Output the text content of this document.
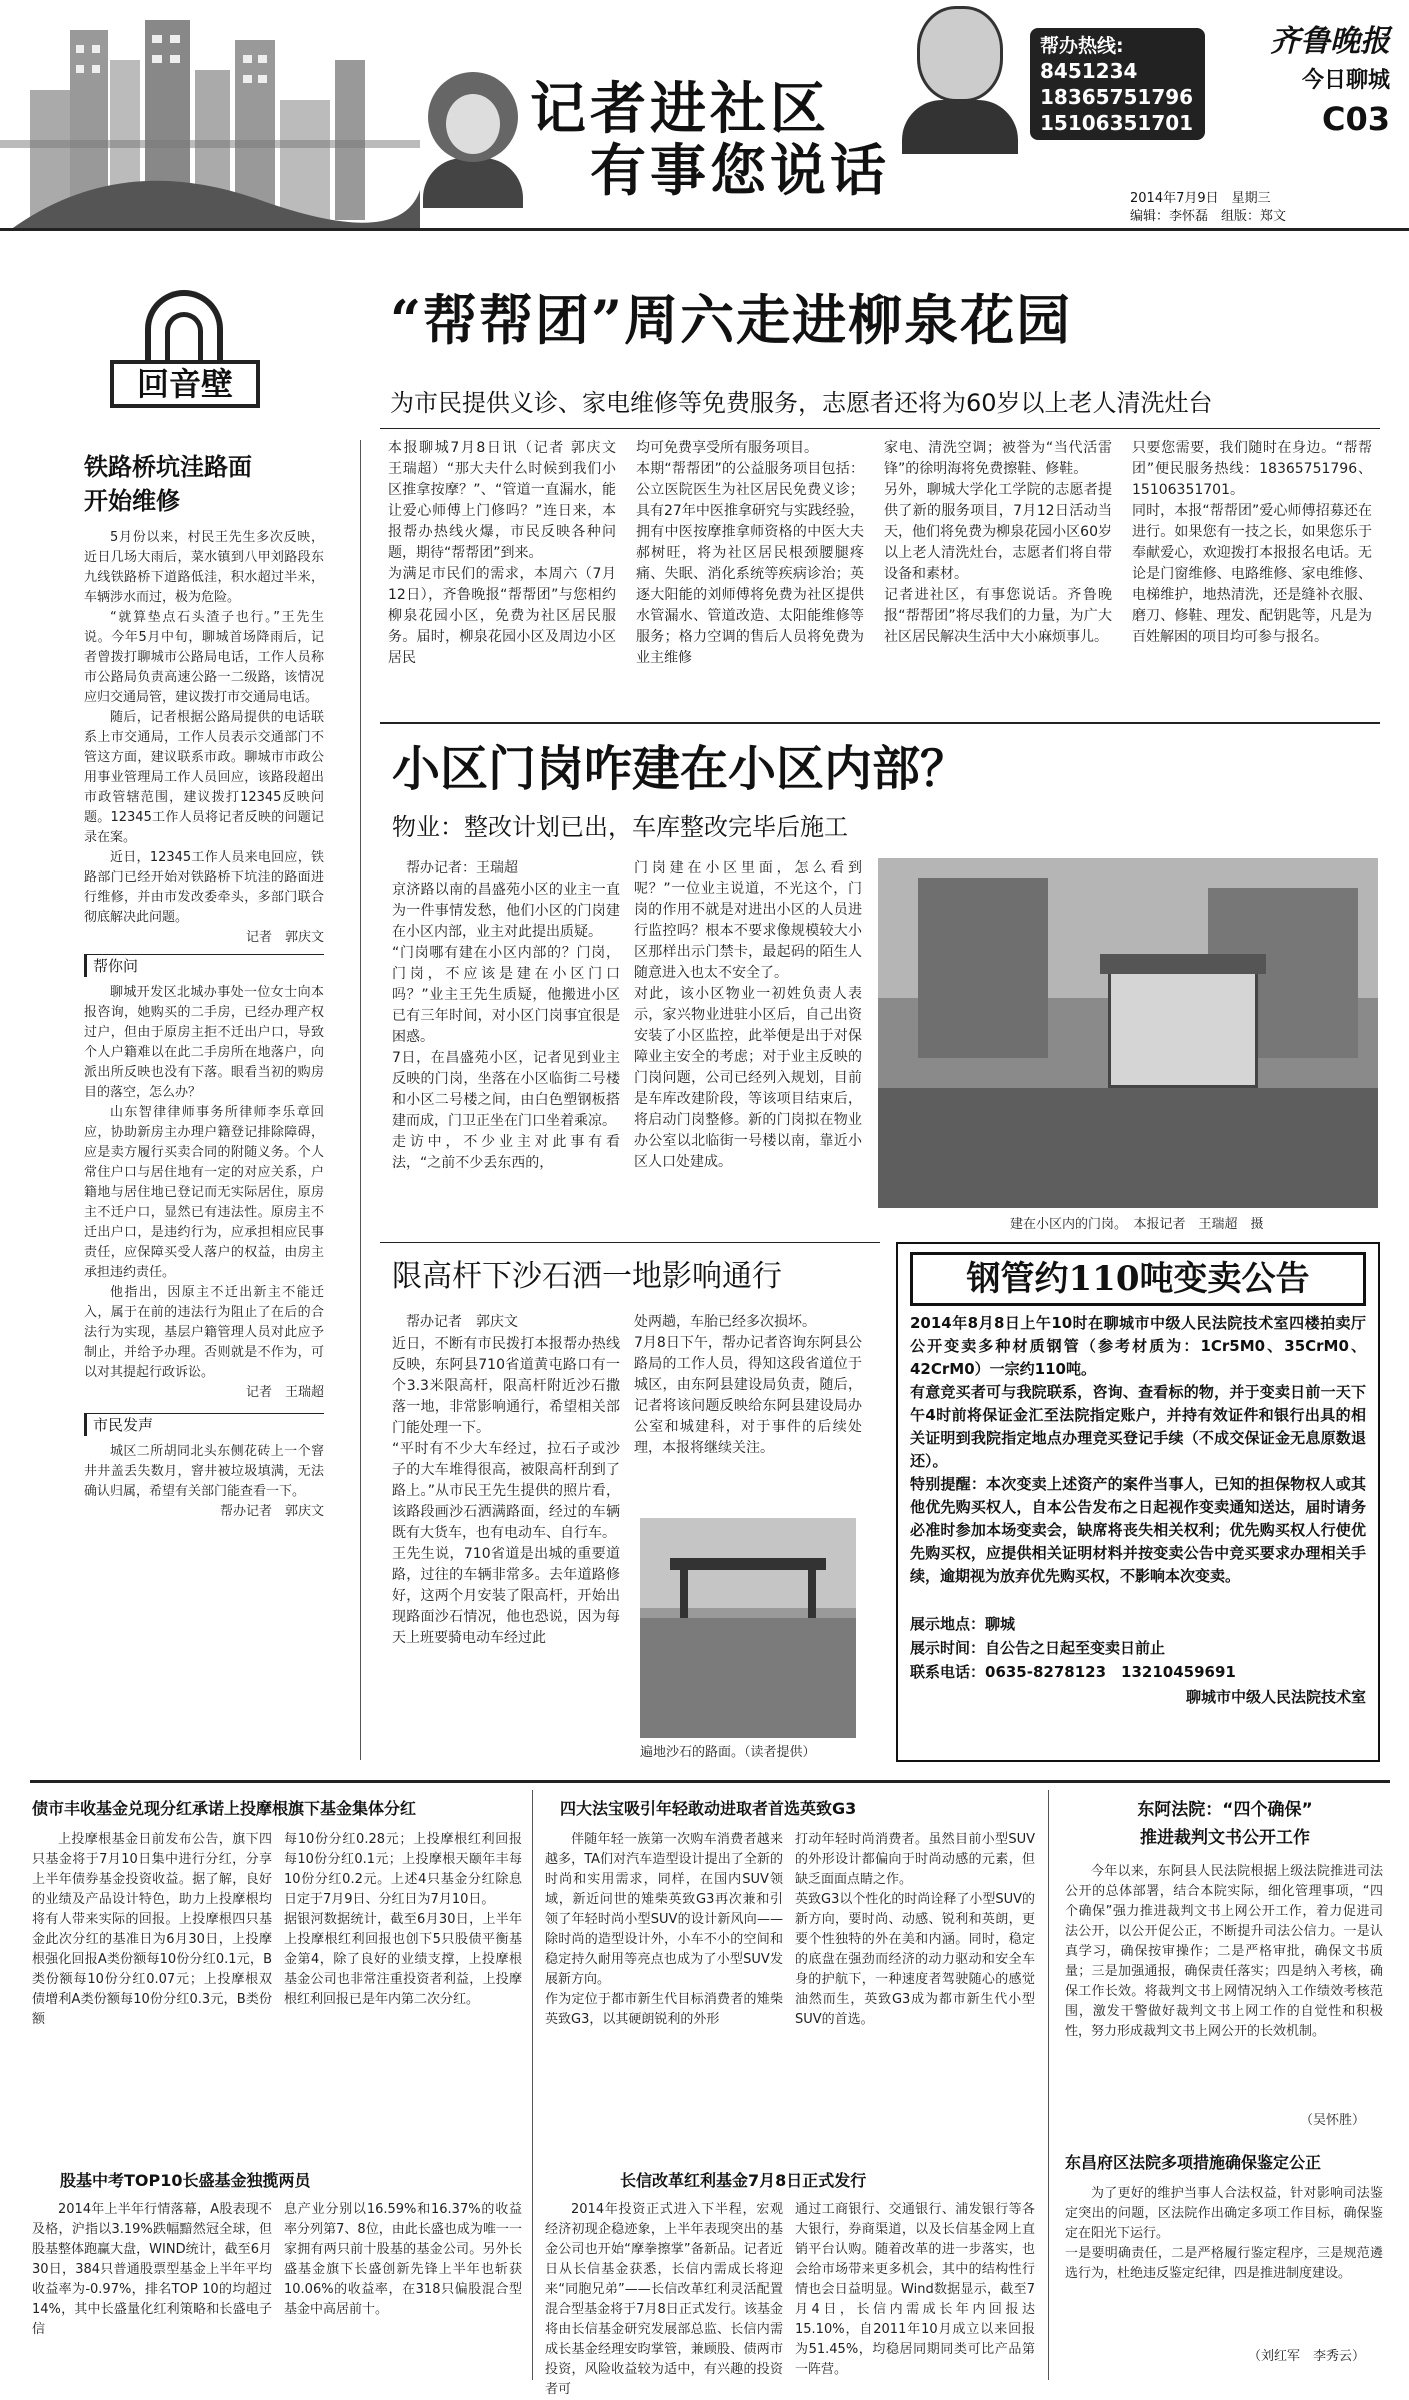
记者进社区
有事您说话
帮办热线:
8451234
18365751796
15106351701
齐鲁晚报
今日聊城
C03
2014年7月9日　星期三
编辑：李怀磊　组版：郑文
回音壁
铁路桥坑洼路面
开始维修

5月份以来，村民王先生多次反映，近日几场大雨后，菜水镇到八甲刘路段东九线铁路桥下道路低洼，积水超过半米，车辆涉水而过，极为危险。

“就算垫点石头渣子也行。”王先生说。今年5月中旬，聊城首场降雨后，记者曾拨打聊城市公路局电话，工作人员称市公路局负责高速公路一二级路，该情况应归交通局管，建议拨打市交通局电话。

随后，记者根据公路局提供的电话联系上市交通局，工作人员表示交通部门不管这方面，建议联系市政。聊城市市政公用事业管理局工作人员回应，该路段超出市政管辖范围，建议拨打12345反映问题。12345工作人员将记者反映的问题记录在案。

近日，12345工作人员来电回应，铁路部门已经开始对铁路桥下坑洼的路面进行维修，并由市发改委牵头，多部门联合彻底解决此问题。

记者　郭庆文

帮你问

聊城开发区北城办事处一位女士向本报咨询，她购买的二手房，已经办理产权过户，但由于原房主拒不迁出户口，导致个人户籍难以在此二手房所在地落户，向派出所反映也没有下落。眼看当初的购房目的落空，怎么办？

山东智律律师事务所律师李乐章回应，协助新房主办理户籍登记排除障碍，应是卖方履行买卖合同的附随义务。个人常住户口与居住地有一定的对应关系，户籍地与居住地已登记而无实际居住，原房主不迁户口，显然已有违法性。原房主不迁出户口，是违约行为，应承担相应民事责任，应保障买受人落户的权益，由房主承担违约责任。

他指出，因原主不迁出新主不能迁入，属于在前的违法行为阻止了在后的合法行为实现，基层户籍管理人员对此应予制止，并给予办理。否则就是不作为，可以对其提起行政诉讼。

记者　王瑞超

市民发声

城区二所胡同北头东侧花砖上一个窨井井盖丢失数月，窨井被垃圾填满，无法确认归属，希望有关部门能查看一下。

帮办记者　郭庆文

“帮帮团”周六走进柳泉花园
为市民提供义诊、家电维修等免费服务，志愿者还将为60岁以上老人清洗灶台
本报聊城7月8日讯（记者 郭庆文　王瑞超）“那大夫什么时候到我们小区推拿按摩？”、“管道一直漏水，能让爱心师傅上门修吗？”连日来，本报帮办热线火爆，市民反映各种问题，期待“帮帮团”到来。
为满足市民们的需求，本周六（7月12日），齐鲁晚报“帮帮团”与您相约柳泉花园小区，免费为社区居民服务。届时，柳泉花园小区及周边小区居民
均可免费享受所有服务项目。
本期“帮帮团”的公益服务项目包括：公立医院医生为社区居民免费义诊；具有27年中医推拿研究与实践经验，拥有中医按摩推拿师资格的中医大夫郝树旺，将为社区居民根颈腰腿疼痛、失眠、消化系统等疾病诊治；英逐大阳能的刘师傅将免费为社区提供水管漏水、管道改造、太阳能维修等服务；格力空调的售后人员将免费为业主维修
家电、清洗空调；被誉为“当代活雷锋”的徐明海将免费擦鞋、修鞋。
另外，聊城大学化工学院的志愿者提供了新的服务项目，7月12日活动当天，他们将免费为柳泉花园小区60岁以上老人清洗灶台，志愿者们将自带设备和素材。
记者进社区，有事您说话。齐鲁晚报“帮帮团”将尽我们的力量，为广大社区居民解决生活中大小麻烦事儿。
只要您需要，我们随时在身边。“帮帮团”便民服务热线：18365751796、15106351701。
同时，本报“帮帮团”爱心师傅招募还在进行。如果您有一技之长，如果您乐于奉献爱心，欢迎拨打本报报名电话。无论是门窗维修、电路维修、家电维修、电梯维护，地热清洗，还是缝补衣服、磨刀、修鞋、理发、配钥匙等，凡是为百姓解困的项目均可参与报名。
小区门岗咋建在小区内部？
物业：整改计划已出，车库整改完毕后施工
帮办记者：王瑞超
京济路以南的昌盛苑小区的业主一直为一件事情发愁，他们小区的门岗建在小区内部，业主对此提出质疑。
“门岗哪有建在小区内部的？门岗，门岗，不应该是建在小区门口吗？”业主王先生质疑，他搬进小区已有三年时间，对小区门岗事宜很是困惑。
7日，在昌盛苑小区，记者见到业主反映的门岗，坐落在小区临街二号楼和小区二号楼之间，由白色塑钢板搭建而成，门卫正坐在门口坐着乘凉。
走访中，不少业主对此事有看法，“之前不少丢东西的，
门岗建在小区里面，怎么看到呢？”一位业主说道，不光这个，门岗的作用不就是对进出小区的人员进行监控吗？根本不要求像规模较大小区那样出示门禁卡，最起码的陌生人随意进入也太不安全了。
对此，该小区物业一初姓负责人表示，家兴物业进驻小区后，自己出资安装了小区监控，此举便是出于对保障业主安全的考虑；对于业主反映的门岗问题，公司已经列入规划，目前是车库改建阶段，等该项目结束后，将启动门岗整修。新的门岗拟在物业办公室以北临街一号楼以南，靠近小区人口处建成。
建在小区内的门岗。　本报记者　王瑞超　摄
限高杆下沙石洒一地影响通行
帮办记者　郭庆文
近日，不断有市民拨打本报帮办热线反映，东阿县710省道黄屯路口有一个3.3米限高杆，限高杆附近沙石撒落一地，非常影响通行，希望相关部门能处理一下。
“平时有不少大车经过，拉石子或沙子的大车堆得很高，被限高杆刮到了路上。”从市民王先生提供的照片看，该路段画沙石洒满路面，经过的车辆既有大货车，也有电动车、自行车。
王先生说，710省道是出城的重要道路，过往的车辆非常多。去年道路修好，这两个月安装了限高杆，开始出现路面沙石情况，他也恐说，因为每天上班要骑电动车经过此
处两趟，车胎已经多次损坏。
7月8日下午，帮办记者咨询东阿县公路局的工作人员，得知这段省道位于城区，由东阿县建设局负责，随后，记者将该问题反映给东阿县建设局办公室和城建科，对于事件的后续处理，本报将继续关注。
遍地沙石的路面。（读者提供）
钢管约110吨变卖公告
2014年8月8日上午10时在聊城市中级人民法院技术室四楼拍卖厅公开变卖多种材质钢管（参考材质为：1Cr5M0、35CrM0、42CrM0）一宗约110吨。
有意竞买者可与我院联系，咨询、查看标的物，并于变卖日前一天下午4时前将保证金汇至法院指定账户，并持有效证件和银行出具的相关证明到我院指定地点办理竞买登记手续（不成交保证金无息原数退还）。
特别提醒：本次变卖上述资产的案件当事人，已知的担保物权人或其他优先购买权人，自本公告发布之日起视作变卖通知送达，届时请务必准时参加本场变卖会，缺席将丧失相关权利；优先购买权人行使优先购买权，应提供相关证明材料并按变卖公告中竞买要求办理相关手续，逾期视为放弃优先购买权，不影响本次变卖。
展示地点：聊城
展示时间：自公告之日起至变卖日前止
联系电话：0635-8278123　13210459691
聊城市中级人民法院技术室
债市丰收基金兑现分红承诺上投摩根旗下基金集体分红
上投摩根基金日前发布公告，旗下四只基金将于7月10日集中进行分红，分享上半年债券基金投资收益。据了解，良好的业绩及产品设计特色，助力上投摩根均将有人带来实际的回报。上投摩根四只基金此次分红的基准日为6月30日，上投摩根强化回报A类份额每10份分红0.1元，B类份额每10份分红0.07元；上投摩根双债增利A类份额每10份分红0.3元，B类份额
每10份分红0.28元；上投摩根红利回报每10份分红0.1元；上投摩根天颐年丰每10份分红0.2元。上述4只基金分红除息日定于7月9日、分红日为7月10日。
据银河数据统计，截至6月30日，上半年上投摩根红利回报也创下5只股债平衡基金第4，除了良好的业绩支撑，上投摩根基金公司也非常注重投资者利益，上投摩根红利回报已是年内第二次分红。
股基中考TOP10长盛基金独揽两员
2014年上半年行情落幕，A股表现不及格，沪指以3.19%跌幅黯然冠全球，但股基整体跑赢大盘，WIND统计，截至6月30日，384只普通股票型基金上半年平均收益率为-0.97%，排名TOP 10的均超过14%，其中长盛量化红利策略和长盛电子信
息产业分别以16.59%和16.37%的收益率分列第7、8位，由此长盛也成为唯一一家拥有两只前十股基的基金公司。另外长盛基金旗下长盛创新先锋上半年也斩获10.06%的收益率，在318只偏股混合型基金中高居前十。
四大法宝吸引年轻敢动进取者首选英致G3
伴随年轻一族第一次购车消费者越来越多，TA们对汽车造型设计提出了全新的时尚和实用需求，同样，在国内SUV领域，新近问世的雉柴英致G3再次兼和引领了年轻时尚小型SUV的设计新风向——除时尚的造型设计外，小车不小的空间和稳定持久耐用等亮点也成为了小型SUV发展新方向。
作为定位于都市新生代目标消费者的雉柴英致G3，以其硬朗锐利的外形
打动年轻时尚消费者。虽然目前小型SUV的外形设计都偏向于时尚动感的元素，但缺乏面面点睛之作。
英致G3以个性化的时尚诠释了小型SUV的新方向，要时尚、动感、锐利和英朗，更要个性独特的外在美和内涵。同时，稳定的底盘在强劲而经济的动力驱动和安全车身的护航下，一种速度者驾驶随心的感觉油然而生，英致G3成为都市新生代小型SUV的首选。
长信改革红利基金7月8日正式发行
2014年投资正式进入下半程，宏观经济初现企稳迹象，上半年表现突出的基金公司也开始“摩拳擦掌”备新品。记者近日从长信基金获悉，长信内需成长将迎来“同胞兄弟”——长信改革红利灵活配置混合型基金将于7月8日正式发行。该基金将由长信基金研究发展部总监、长信内需成长基金经理安昀掌管，兼顾股、债两市投资，风险收益较为适中，有兴趣的投资者可
通过工商银行、交通银行、浦发银行等各大银行，券商渠道，以及长信基金网上直销平台认购。随着改革的进一步落实，也会给市场带来更多机会，其中的结构性行情也会日益明显。Wind数据显示，截至7月4日，长信内需成长年内回报达15.10%，自2011年10月成立以来回报为51.45%，均稳居同期同类可比产品第一阵营。
东阿法院：“四个确保”
推进裁判文书公开工作
今年以来，东阿县人民法院根据上级法院推进司法公开的总体部署，结合本院实际，细化管理事项，“四个确保”强力推进裁判文书上网公开工作，着力促进司法公开，以公开促公正，不断提升司法公信力。一是认真学习，确保按审操作；二是严格审批，确保文书质量；三是加强通报，确保责任落实；四是纳入考核，确保工作长效。将裁判文书上网情况纳入工作绩效考核范围，激发干警做好裁判文书上网工作的自觉性和积极性，努力形成裁判文书上网公开的长效机制。
（吴怀胜）
东昌府区法院多项措施确保鉴定公正
为了更好的维护当事人合法权益，针对影响司法鉴定突出的问题，区法院作出确定多项工作目标，确保鉴定在阳光下运行。
一是要明确责任，二是严格履行鉴定程序，三是规范遴选行为，杜绝违反鉴定纪律，四是推进制度建设。
（刘红军　李秀云）
